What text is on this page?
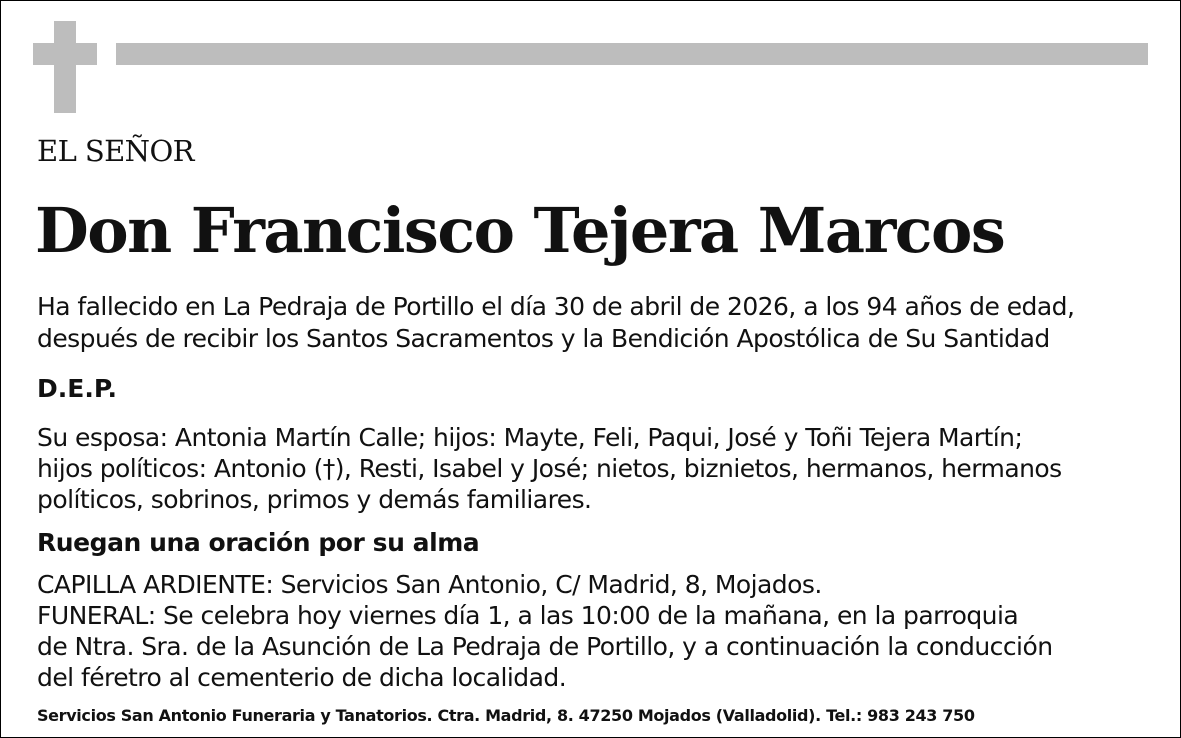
EL SEÑOR
Don Francisco Tejera Marcos
Ha fallecido en La Pedraja de Portillo el día 30 de abril de 2026, a los 94 años de edad,
después de recibir los Santos Sacramentos y la Bendición Apostólica de Su Santidad
D.E.P.
Su esposa: Antonia Martín Calle; hijos: Mayte, Feli, Paqui, José y Toñi Tejera Martín;
hijos políticos: Antonio (†), Resti, Isabel y José; nietos, biznietos, hermanos, hermanos
políticos, sobrinos, primos y demás familiares.
Ruegan una oración por su alma
CAPILLA ARDIENTE: Servicios San Antonio, C/ Madrid, 8, Mojados.
FUNERAL: Se celebra hoy viernes día 1, a las 10:00 de la mañana, en la parroquia
de Ntra. Sra. de la Asunción de La Pedraja de Portillo, y a continuación la conducción
del féretro al cementerio de dicha localidad.
Servicios San Antonio Funeraria y Tanatorios. Ctra. Madrid, 8. 47250 Mojados (Valladolid). Tel.: 983 243 750
